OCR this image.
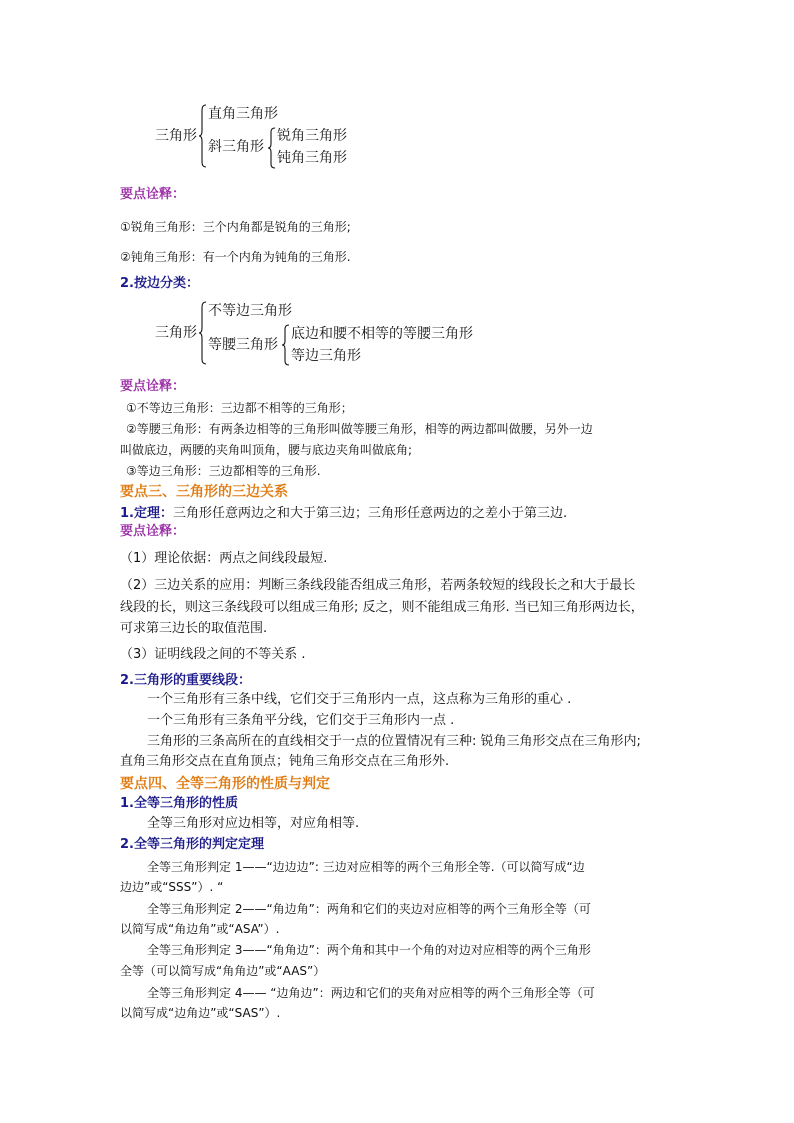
三角形
直角三角形
斜三角形
锐角三角形
钝角三角形
要点诠释：
①锐角三角形：三个内角都是锐角的三角形;
②钝角三角形：有一个内角为钝角的三角形.
2.按边分类：
三角形
不等边三角形
等腰三角形
底边和腰不相等的等腰三角形
等边三角形
要点诠释：
①不等边三角形：三边都不相等的三角形；
②等腰三角形：有两条边相等的三角形叫做等腰三角形，相等的两边都叫做腰，另外一边
叫做底边，两腰的夹角叫顶角，腰与底边夹角叫做底角;
③等边三角形：三边都相等的三角形.
要点三、三角形的三边关系
1.定理：三角形任意两边之和大于第三边；三角形任意两边的之差小于第三边.
要点诠释：
（1）理论依据：两点之间线段最短.
（2）三边关系的应用：判断三条线段能否组成三角形，若两条较短的线段长之和大于最长
线段的长，则这三条线段可以组成三角形; 反之，则不能组成三角形. 当已知三角形两边长，
可求第三边长的取值范围.
（3）证明线段之间的不等关系 .
2.三角形的重要线段：
一个三角形有三条中线，它们交于三角形内一点，这点称为三角形的重心 .
一个三角形有三条角平分线，它们交于三角形内一点 .
三角形的三条高所在的直线相交于一点的位置情况有三种: 锐角三角形交点在三角形内;
直角三角形交点在直角顶点；钝角三角形交点在三角形外.
要点四、全等三角形的性质与判定
1.全等三角形的性质
全等三角形对应边相等，对应角相等.
2.全等三角形的判定定理
全等三角形判定 1——“边边边”: 三边对应相等的两个三角形全等.（可以简写成“边
边边”或“SSS”）. “
全等三角形判定 2——“角边角”：两角和它们的夹边对应相等的两个三角形全等（可
以简写成“角边角”或“ASA”）.
全等三角形判定 3——“角角边”：两个角和其中一个角的对边对应相等的两个三角形
全等（可以简写成“角角边”或“AAS”）
全等三角形判定 4—— “边角边”：两边和它们的夹角对应相等的两个三角形全等（可
以简写成“边角边”或“SAS”）.
